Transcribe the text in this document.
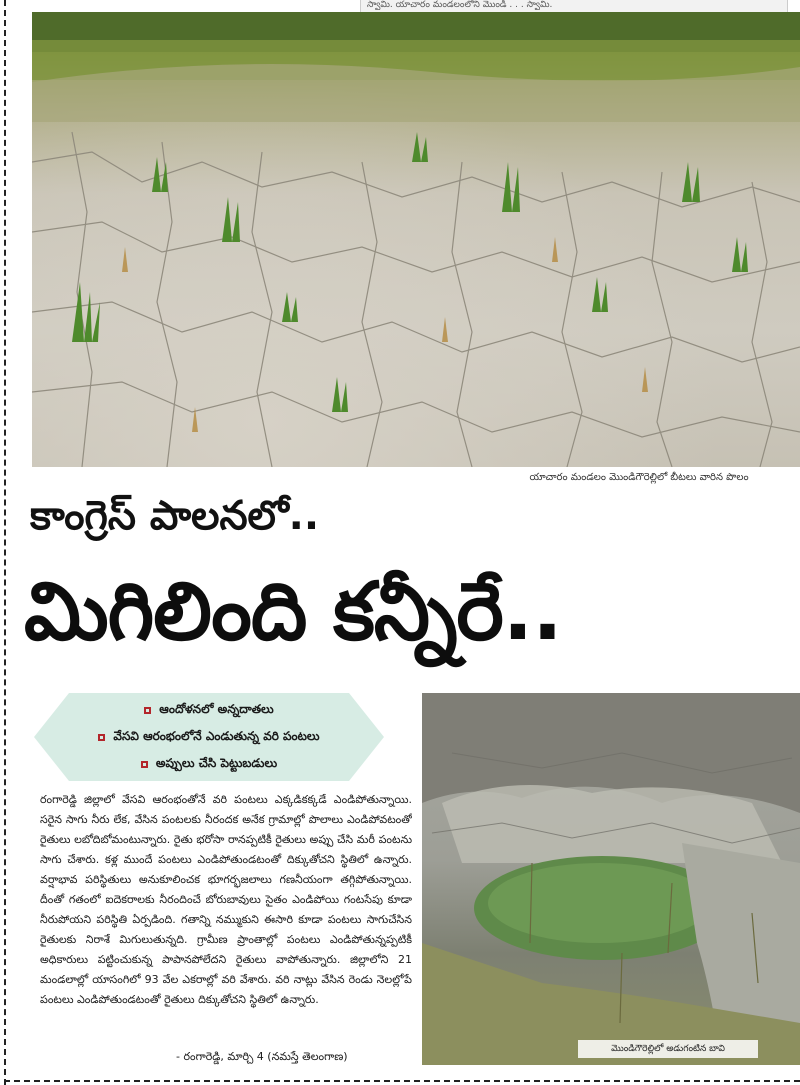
స్వామి. యాచారం మండలంలోని మొండి . . . స్వామి.
యాచారం మండలం మొండిగౌరెల్లిలో బీటలు వారిన పొలం
కాంగ్రెస్ పాలనలో..
మిగిలింది కన్నీరే..
ఆందోళనలో అన్నదాతలు
వేసవి ఆరంభంలోనే ఎండుతున్న వరి పంటలు
అప్పులు చేసి పెట్టుబడులు
రంగారెడ్డి జిల్లాలో వేసవి ఆరంభంతోనే వరి పంటలు ఎక్కడికక్కడే ఎండిపోతున్నాయి. సరైన సాగు నీరు లేక, వేసిన పంటలకు నీరందక అనేక గ్రామాల్లో పొలాలు ఎండిపోవటంతో రైతులు లబోదిబోమంటున్నారు. రైతు భరోసా రానప్పటికీ రైతులు అప్పు చేసి మరీ పంటను సాగు చేశారు. కళ్ల ముందే పంటలు ఎండిపోతుండటంతో దిక్కుతోచని స్థితిలో ఉన్నారు. వర్షాభావ పరిస్థితులు అనుకూలించక భూగర్భజలాలు గణనీయంగా తగ్గిపోతున్నాయి. దీంతో గతంలో ఐదెకరాలకు నీరందించే బోరుబావులు సైతం ఎండిపోయి గంటసేపు కూడా నీరుపోయని పరిస్థితి ఏర్పడింది. గతాన్ని నమ్ముకుని ఈసారి కూడా పంటలు సాగుచేసిన రైతులకు నిరాశే మిగులుతున్నది. గ్రామీణ ప్రాంతాల్లో పంటలు ఎండిపోతున్నప్పటికీ అధికారులు పట్టించుకున్న పాపానపోలేదని రైతులు వాపోతున్నారు. జిల్లాలోని 21 మండలాల్లో యాసంగిలో 93 వేల ఎకరాల్లో వరి వేశారు. వరి నాట్లు వేసిన రెండు నెలల్లోపే పంటలు ఎండిపోతుండటంతో రైతులు దిక్కుతోచని స్థితిలో ఉన్నారు.
- రంగారెడ్డి, మార్చి 4 (నమస్తే తెలంగాణ)
మొండిగౌరెల్లిలో అడుగంటిన బావి
